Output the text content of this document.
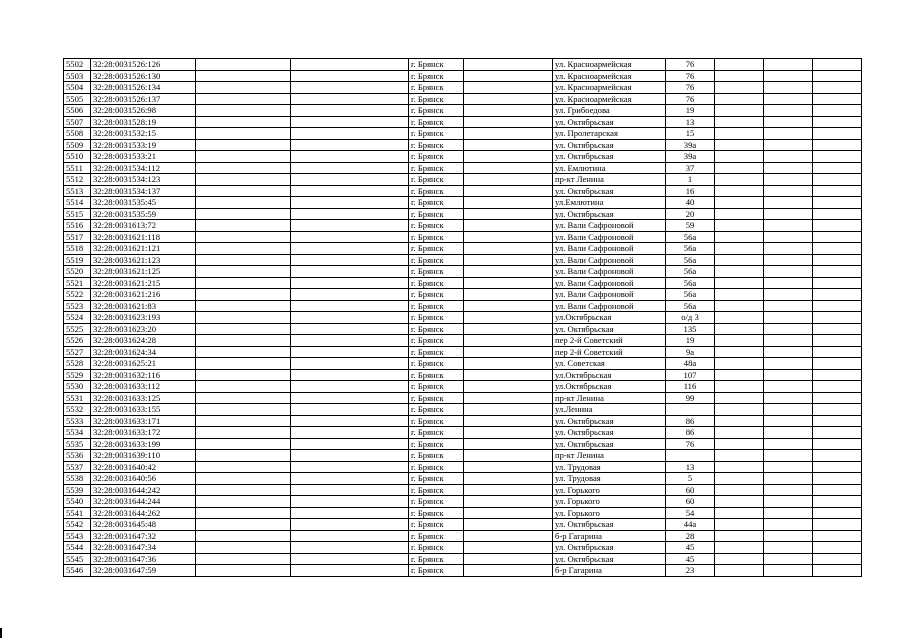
5502	32:28:0031526:126			г. Брянск		ул. Красноармейская	76			
5503	32:28:0031526:130			г. Брянск		ул. Красноармейская	76			
5504	32:28:0031526:134			г. Брянск		ул. Красноармейская	76			
5505	32:28:0031526:137			г. Брянск		ул. Красноармейская	76			
5506	32:28:0031526:98			г. Брянск		ул. Грибоедова	19			
5507	32:28:0031528:19			г. Брянск		ул. Октябрьская	13			
5508	32:28:0031532:15			г. Брянск		ул. Пролетарская	15			
5509	32:28:0031533:19			г. Брянск		ул. Октябрьская	39а			
5510	32:28:0031533:21			г. Брянск		ул. Октябрьская	39а			
5511	32:28:0031534:112			г. Брянск		ул. Емлютина	37			
5512	32:28:0031534:123			г. Брянск		пр-кт Ленина	1			
5513	32:28:0031534:137			г. Брянск		ул. Октябрьская	16			
5514	32:28:0031535:45			г. Брянск		ул.Емлютина	40			
5515	32:28:0031535:59			г. Брянск		ул. Октябрьская	20			
5516	32:28:0031613:72			г. Брянск		ул. Вали Сафроновой	59			
5517	32:28:0031621:118			г. Брянск		ул. Вали Сафроновой	56а			
5518	32:28:0031621:121			г. Брянск		ул. Вали Сафроновой	56а			
5519	32:28:0031621:123			г. Брянск		ул. Вали Сафроновой	56а			
5520	32:28:0031621:125			г. Брянск		ул. Вали Сафроновой	56а			
5521	32:28:0031621:215			г. Брянск		ул. Вали Сафроновой	56а			
5522	32:28:0031621:216			г. Брянск		ул. Вали Сафроновой	56а			
5523	32:28:0031621:83			г. Брянск		ул. Вали Сафроновой	56а			
5524	32:28:0031623:193			г. Брянск		ул.Октябрьская	о/д 3			
5525	32:28:0031623:20			г. Брянск		ул. Октябрьская	135			
5526	32:28:0031624:28			г. Брянск		пер 2-й Советский	19			
5527	32:28:0031624:34			г. Брянск		пер 2-й Советский	9а			
5528	32:28:0031625:21			г. Брянск		ул. Советская	48а			
5529	32:28:0031632:116			г. Брянск		ул.Октябрьская	107			
5530	32:28:0031633:112			г. Брянск		ул.Октябрьская	116			
5531	32:28:0031633:125			г. Брянск		пр-кт Ленина	99			
5532	32:28:0031633:155			г. Брянск		ул.Ленина				
5533	32:28:0031633:171			г. Брянск		ул. Октябрьская	86			
5534	32:28:0031633:172			г. Брянск		ул. Октябрьская	86			
5535	32:28:0031633:199			г. Брянск		ул. Октябрьская	76			
5536	32:28:0031639:110			г. Брянск		пр-кт Ленина				
5537	32:28:0031640:42			г. Брянск		ул. Трудовая	13			
5538	32:28:0031640:56			г. Брянск		ул. Трудовая	5			
5539	32:28:0031644:242			г. Брянск		ул. Горького	60			
5540	32:28:0031644:244			г. Брянск		ул. Горького	60			
5541	32:28:0031644:262			г. Брянск		ул. Горького	54			
5542	32:28:0031645:48			г. Брянск		ул. Октябрьская	44а			
5543	32:28:0031647:32			г. Брянск		б-р Гагарина	28			
5544	32:28:0031647:34			г. Брянск		ул. Октябрьская	45			
5545	32:28:0031647:36			г. Брянск		ул. Октябрьская	45			
5546	32:28:0031647:59			г. Брянск		б-р Гагарина	23			
